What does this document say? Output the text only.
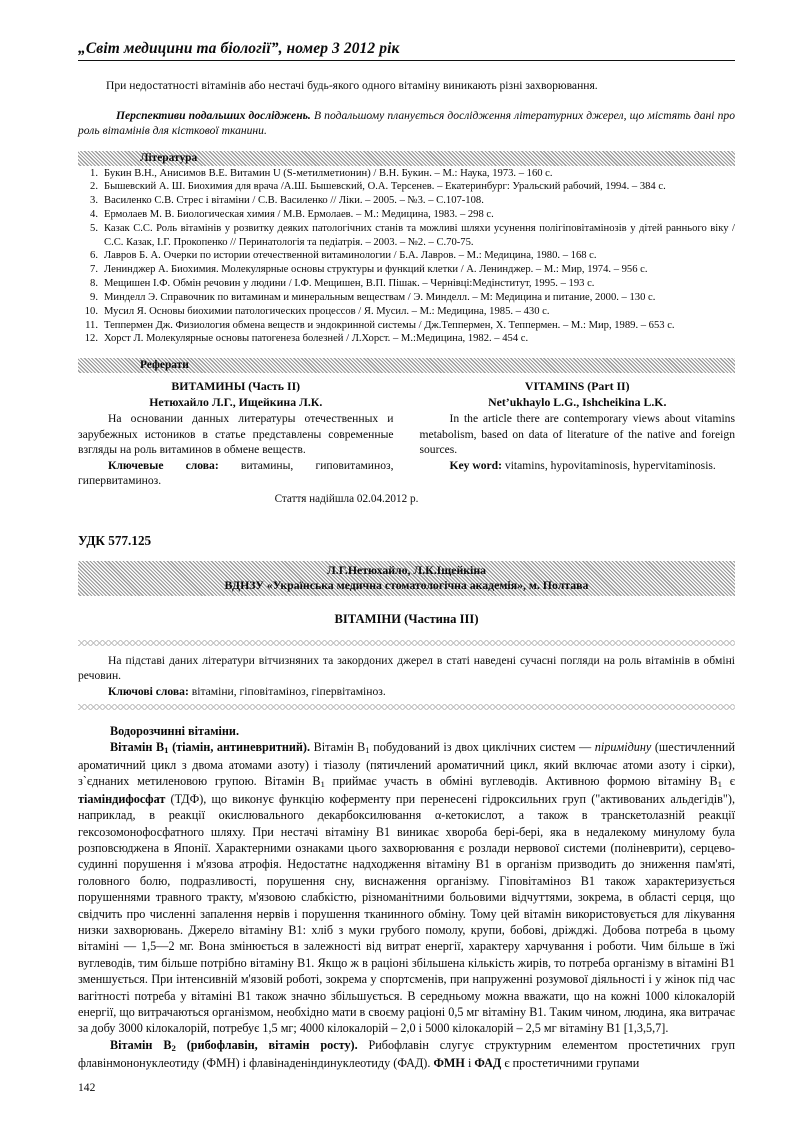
„Світ медицини та біології”, номер 3 2012 рік

При недостатності вітамінів або нестачі будь-якого одного вітаміну виникають різні захворювання.

Перспективи подальших досліджень. В подальшому планується дослідження літературних джерел, що містять дані про роль вітамінів для кісткової тканини.

Література
1. Букин В.Н., Анисимов В.Е. Витамин U (S-метилметионин) / В.Н. Букин. – М.: Наука, 1973. – 160 с.
2. Бышевский А. Ш. Биохимия для врача /А.Ш. Бышевский, О.А. Терсенев. – Екатеринбург: Уральский рабочий, 1994. – 384 с.
3. Василенко С.В. Стрес і вітаміни / С.В. Василенко // Ліки. – 2005. – №3. – С.107-108.
4. Ермолаев М. В. Биологическая химия / М.В. Ермолаев. – М.: Медицина, 1983. – 298 с.
5. Казак С.С. Роль вітамінів у розвитку деяких патологічних станів та можливі шляхи усунення полігіповітамінозів у дітей раннього віку / С.С. Казак, І.Г. Прокопенко // Перинатологія та педіатрія. – 2003. – №2. – С.70-75.
6. Лавров Б. А. Очерки по истории отечественной витаминологии / Б.А. Лавров. – М.: Медицина, 1980. – 168 с.
7. Ленинджер А. Биохимия. Молекулярные основы структуры и функций клетки / А. Ленинджер. – М.: Мир, 1974. – 956 с.
8. Мещишен І.Ф. Обмін речовин у людини / І.Ф. Мещишен, В.П. Пішак. – Чернівці:Медінститут, 1995. – 193 с.
9. Минделл Э. Справочник по витаминам и минеральным веществам / Э. Минделл. – М: Медицина и питание, 2000. – 130 с.
10. Мусил Я. Основы биохимии патологических процессов / Я. Мусил. – М.: Медицина, 1985. – 430 с.
11. Теппермен Дж. Физиология обмена веществ и эндокринной системы / Дж.Теппермен, Х. Теппермен. – М.: Мир, 1989. – 653 с.
12. Хорст Л. Молекулярные основы патогенеза болезней / Л.Хорст. – М.:Медицина, 1982. – 454 с.
Реферати
ВИТАМИНЫ (Часть II)
Нетюхайло Л.Г., Ищейкина Л.К.

На основании данных литературы отечественных и зарубежных истоников в статье представлены современные взгляды на роль витаминов в обмене веществ.

Ключевые слова: витамины, гиповитаминоз, гипервитаминоз.

VITAMINS (Part II)
Net’ukhaylo L.G., Ishcheikina L.K.

In the article there are contemporary views about vitamins metabolism, based on data of literature of the native and foreign sources.

Key word: vitamins, hypovitaminosis, hypervitaminosis.

Стаття надійшла 02.04.2012 р.
УДК 577.125
Л.Г.Нетюхайло, Л.К.Іщейкіна
ВДНЗУ «Українська медична стоматологічна академія», м. Полтава
ВІТАМІНИ (Частина ІІІ)

На підставі даних літератури вітчизняних та закордоних джерел в статі наведені сучасні погляди на роль вітамінів в обміні речовин.

Ключові слова: вітаміни, гіповітаміноз, гіпервітаміноз.

Водорозчинні вітаміни.

Вітамін $B_1$ (тіамін, антиневритний). Вітамін $B_1$ побудований із двох циклічних систем — піримідину (шестичленний ароматичний цикл з двома атомами азоту) і тіазолу (пятичлений ароматичний цикл, який включає атоми азоту і сірки), з`єднаних метиленовою групою. Вітамін $B_1$ приймає участь в обміні вуглеводів. Активною формою вітаміну $B_1$ є тіаміндифосфат (ТДФ), що виконує функцію коферменту при перенесені гідроксильних груп ("активованих альдегідів"), наприклад, в реакції окислювального декарбоксилювання α-кетокислот, а також в транскетолазній реакції гексозомонофосфатного шляху. При нестачі вітаміну В1 виникає хвороба бері-бері, яка в недалекому минулому була розповсюджена в Японії. Характерними ознаками цього захворювання є розлади нервової системи (поліневрити), серцево-судинні порушення і м'язова атрофія. Недостатнє надходження вітаміну В1 в організм призводить до зниження пам'яті, головного болю, подразливості, порушення сну, виснаження організму. Гіповітаміноз В1 також характеризується порушеннями травного тракту, м'язовою слабкістю, різноманітними больовими відчуттями, зокрема, в області серця, що свідчить про численні запалення нервів і порушення тканинного обміну. Тому цей вітамін використовується для лікування низки захворювань. Джерело вітаміну В1: хліб з муки грубого помолу, крупи, бобові, дріжджі. Добова потреба в цьому вітаміні — 1,5—2 мг. Вона змінюється в залежності від витрат енергії, характеру харчування і роботи. Чим більше в їжі вуглеводів, тим більше потрібно вітаміну В1. Якщо ж в раціоні збільшена кількість жирів, то потреба організму в вітаміні В1 зменшується. При інтенсивній м'язовій роботі, зокрема у спортсменів, при напруженні розумової діяльності і у жінок під час вагітності потреба у вітаміні В1 також значно збільшується. В середньому можна вважати, що на кожні 1000 кілокалорій енергії, що витрачаються організмом, необхідно мати в своєму раціоні 0,5 мг вітаміну В1. Таким чином, людина, яка витрачає за добу 3000 кілокалорій, потребує 1,5 мг; 4000 кілокалорій – 2,0 і 5000 кілокалорій – 2,5 мг вітаміну В1 [1,3,5,7].

Вітамін $B_2$ (рибофлавін, вітамін росту). Рибофлавін слугує структурним елементом простетичних груп флавінмононуклеотиду (ФМН) і флавінаденіндинуклеотиду (ФАД). ФМН і ФАД є простетичними групами

142
